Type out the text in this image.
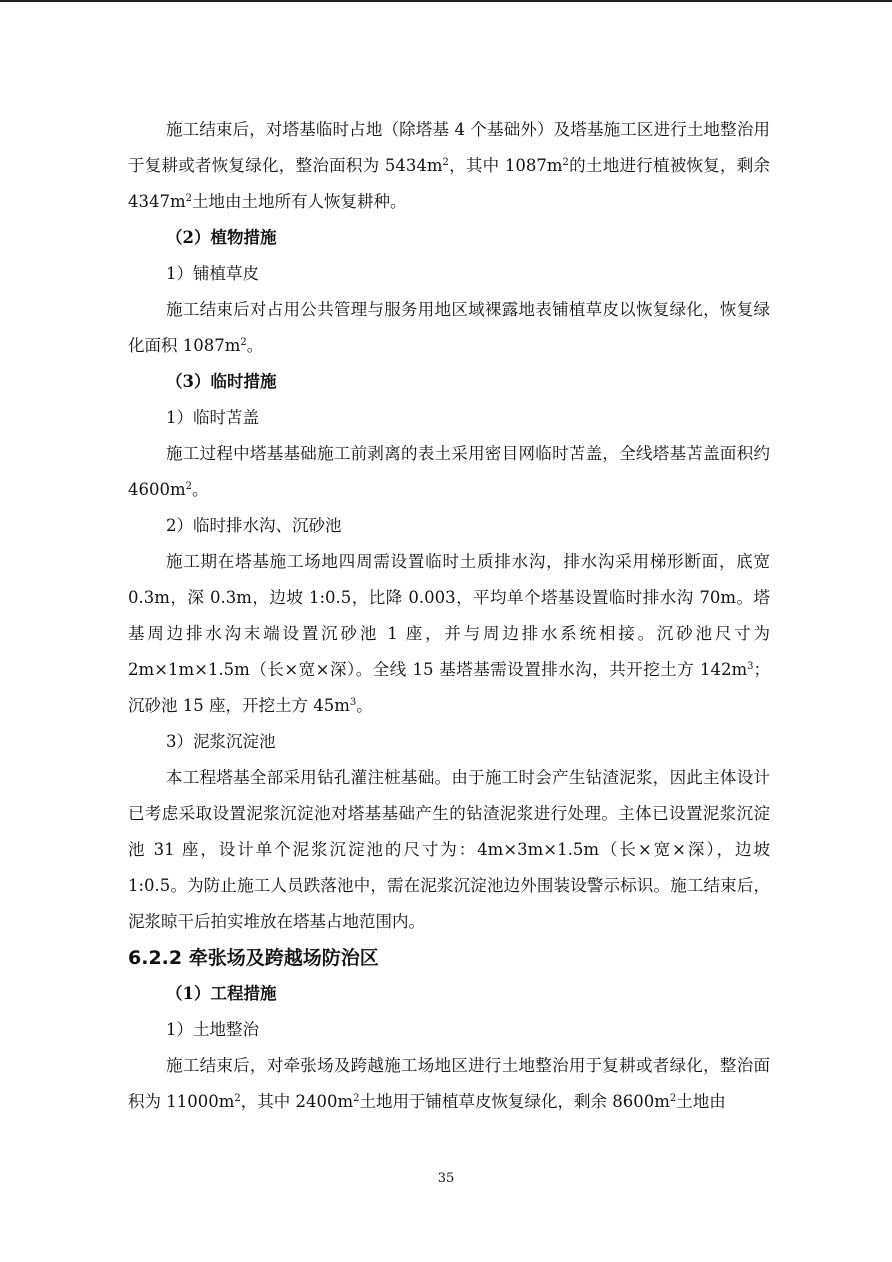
施工结束后，对塔基临时占地（除塔基 4 个基础外）及塔基施工区进行土地整治用于复耕或者恢复绿化，整治面积为 $5434m^2$，其中 $1087m^2$的土地进行植被恢复，剩余 $4347m^2$土地由土地所有人恢复耕种。

（2）植物措施

1）铺植草皮

施工结束后对占用公共管理与服务用地区域裸露地表铺植草皮以恢复绿化，恢复绿化面积 $1087m^2$。

（3）临时措施

1）临时苫盖

施工过程中塔基基础施工前剥离的表土采用密目网临时苫盖，全线塔基苫盖面积约 $4600m^2$。

2）临时排水沟、沉砂池

施工期在塔基施工场地四周需设置临时土质排水沟，排水沟采用梯形断面，底宽 0.3m，深 0.3m，边坡 1:0.5，比降 0.003，平均单个塔基设置临时排水沟 70m。塔基周边排水沟末端设置沉砂池 1 座，并与周边排水系统相接。沉砂池尺寸为 2m×1m×1.5m（长×宽×深）。全线 15 基塔基需设置排水沟，共开挖土方 $142m^3$；沉砂池 15 座，开挖土方 $45m^3$。

3）泥浆沉淀池

本工程塔基全部采用钻孔灌注桩基础。由于施工时会产生钻渣泥浆，因此主体设计已考虑采取设置泥浆沉淀池对塔基基础产生的钻渣泥浆进行处理。主体已设置泥浆沉淀池 31 座，设计单个泥浆沉淀池的尺寸为：4m×3m×1.5m（长×宽×深），边坡 1:0.5。为防止施工人员跌落池中，需在泥浆沉淀池边外围装设警示标识。施工结束后，泥浆晾干后拍实堆放在塔基占地范围内。

6.2.2 牵张场及跨越场防治区

（1）工程措施

1）土地整治

施工结束后，对牵张场及跨越施工场地区进行土地整治用于复耕或者绿化，整治面积为 $11000m^2$，其中 $2400m^2$土地用于铺植草皮恢复绿化，剩余 $8600m^2$土地由

35
